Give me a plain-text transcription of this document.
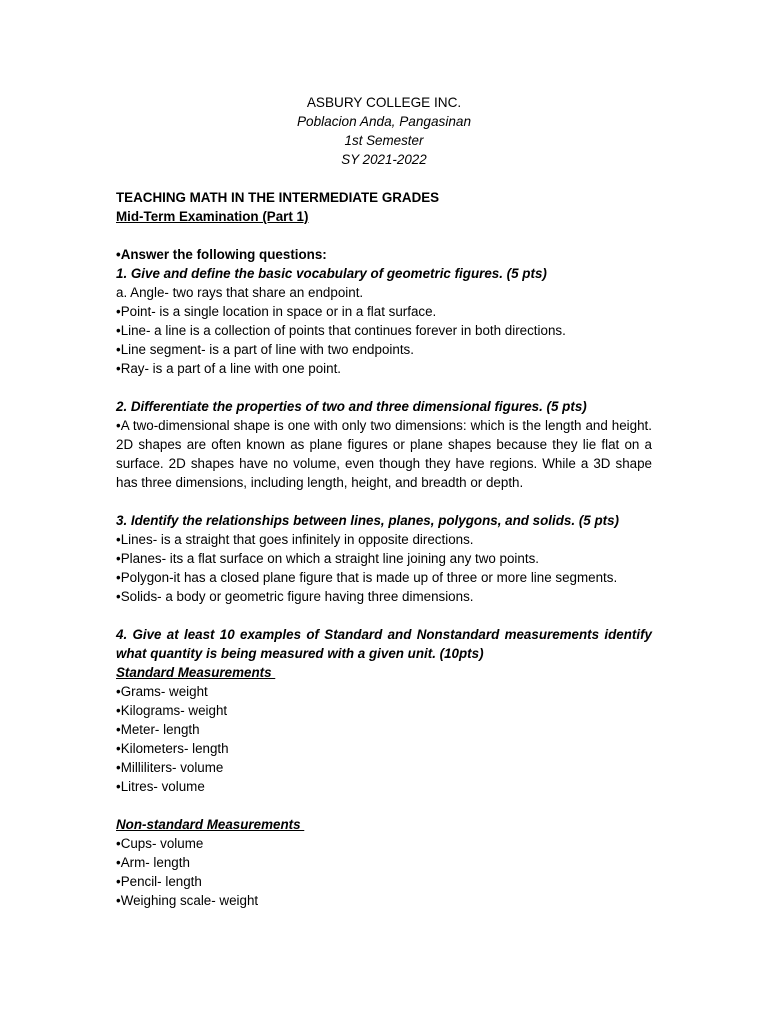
ASBURY COLLEGE INC.
Poblacion Anda, Pangasinan
1st Semester
SY 2021-2022
TEACHING MATH IN THE INTERMEDIATE GRADES
Mid-Term Examination (Part 1)
•Answer the following questions:
1. Give and define the basic vocabulary of geometric figures. (5 pts)
a. Angle- two rays that share an endpoint.
•Point- is a single location in space or in a flat surface.
•Line- a line is a collection of points that continues forever in both directions.
•Line segment- is a part of line with two endpoints.
•Ray- is a part of a line with one point.
2. Differentiate the properties of two and three dimensional figures. (5 pts)
•A two-dimensional shape is one with only two dimensions: which is the length and height. 2D shapes are often known as plane figures or plane shapes because they lie flat on a surface. 2D shapes have no volume, even though they have regions. While a 3D shape has three dimensions, including length, height, and breadth or depth.
3. Identify the relationships between lines, planes, polygons, and solids. (5 pts)
•Lines- is a straight that goes infinitely in opposite directions.
•Planes- its a flat surface on which a straight line joining any two points.
•Polygon-it has a closed plane figure that is made up of three or more line segments.
•Solids- a body or geometric figure having three dimensions.
4. Give at least 10 examples of Standard and Nonstandard measurements identify what quantity is being measured with a given unit. (10pts)
Standard Measurements
•Grams- weight
•Kilograms- weight
•Meter- length
•Kilometers- length
•Milliliters- volume
•Litres- volume
Non-standard Measurements
•Cups- volume
•Arm- length
•Pencil- length
•Weighing scale- weight
